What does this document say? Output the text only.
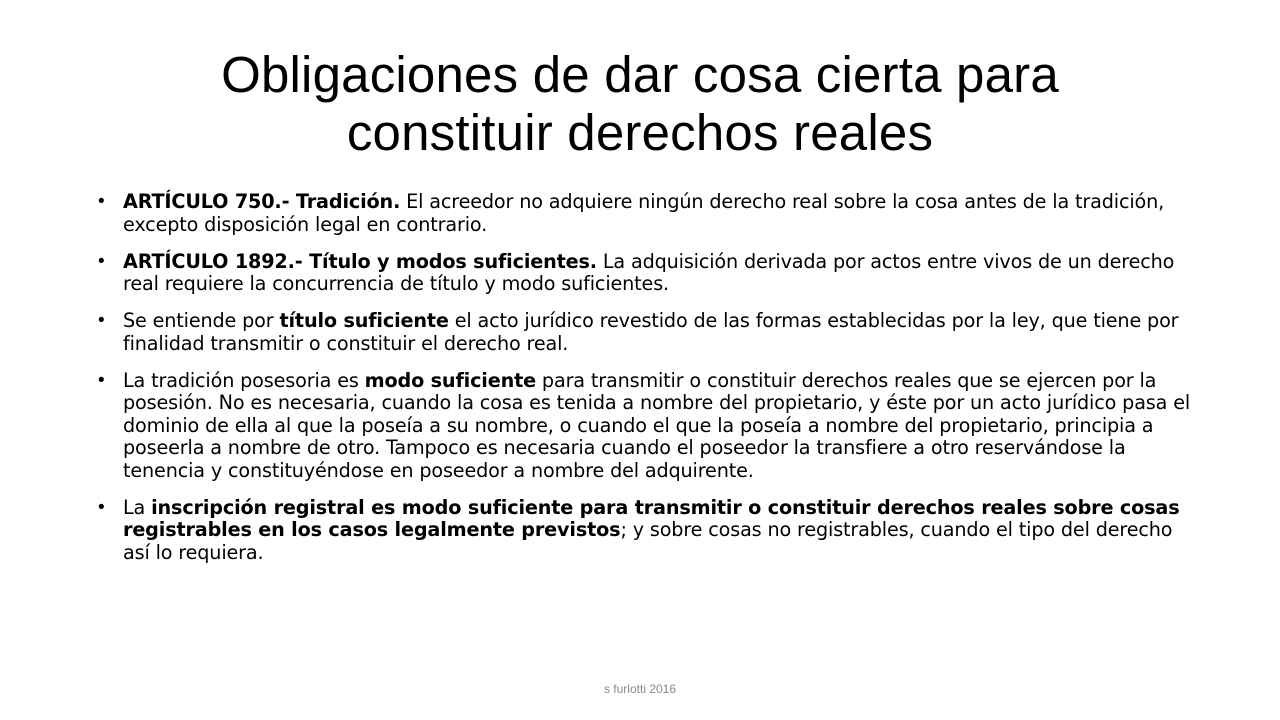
Obligaciones de dar cosa cierta para
constituir derechos reales
• ARTÍCULO 750.- Tradición. El acreedor no adquiere ningún derecho real sobre la cosa antes de la tradición, excepto disposición legal en contrario.
• ARTÍCULO 1892.- Título y modos suficientes. La adquisición derivada por actos entre vivos de un derecho real requiere la concurrencia de título y modo suficientes.
• Se entiende por título suficiente el acto jurídico revestido de las formas establecidas por la ley, que tiene por finalidad transmitir o constituir el derecho real.
• La tradición posesoria es modo suficiente para transmitir o constituir derechos reales que se ejercen por la posesión. No es necesaria, cuando la cosa es tenida a nombre del propietario, y éste por un acto jurídico pasa el dominio de ella al que la poseía a su nombre, o cuando el que la poseía a nombre del propietario, principia a poseerla a nombre de otro. Tampoco es necesaria cuando el poseedor la transfiere a otro reservándose la tenencia y constituyéndose en poseedor a nombre del adquirente.
• La inscripción registral es modo suficiente para transmitir o constituir derechos reales sobre cosas registrables en los casos legalmente previstos; y sobre cosas no registrables, cuando el tipo del derecho así lo requiera.
s furlotti 2016
